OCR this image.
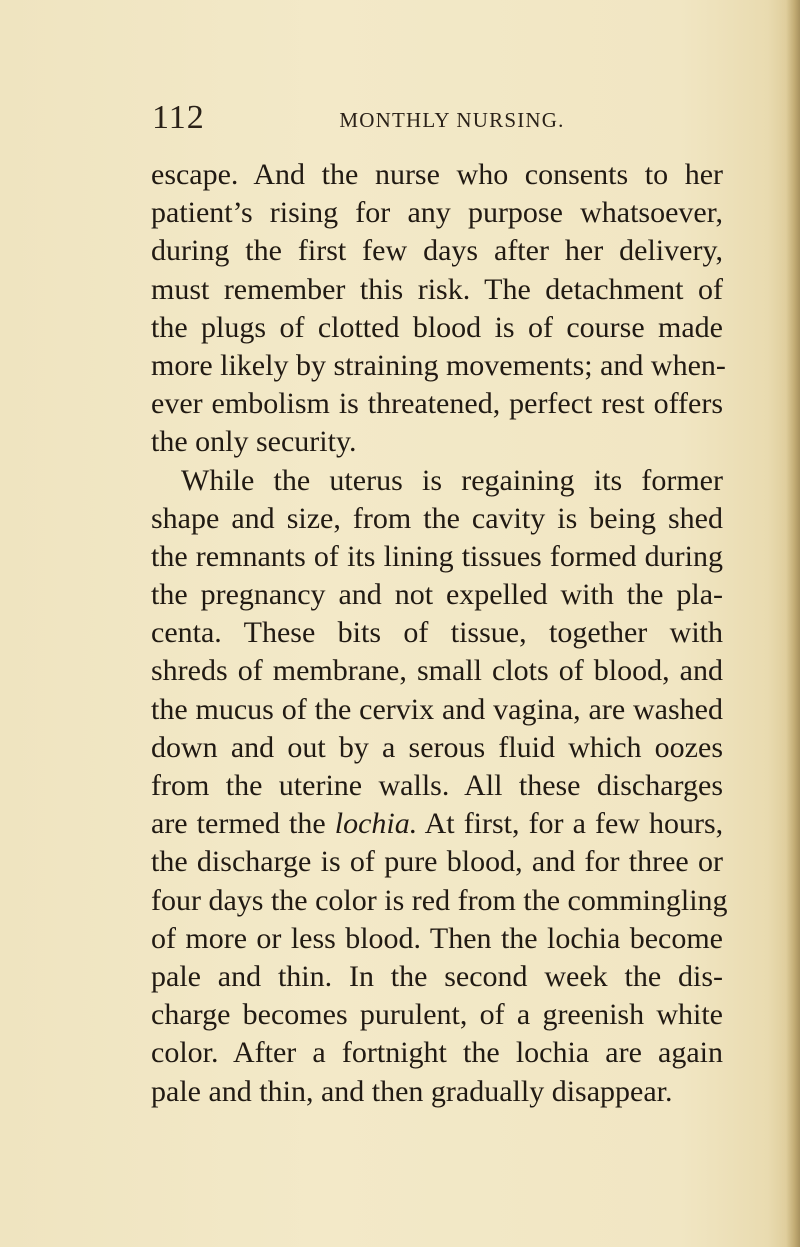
112	MONTHLY NURSING.
escape. And the nurse who consents to her
patient’s rising for any purpose whatsoever,
during the first few days after her delivery,
must remember this risk. The detachment of
the plugs of clotted blood is of course made
more likely by straining movements; and when-
ever embolism is threatened, perfect rest offers
the only security.
While the uterus is regaining its former
shape and size, from the cavity is being shed
the remnants of its lining tissues formed during
the pregnancy and not expelled with the pla-
centa. These bits of tissue, together with
shreds of membrane, small clots of blood, and
the mucus of the cervix and vagina, are washed
down and out by a serous fluid which oozes
from the uterine walls. All these discharges
are termed the lochia. At first, for a few hours,
the discharge is of pure blood, and for three or
four days the color is red from the commingling
of more or less blood. Then the lochia become
pale and thin. In the second week the dis-
charge becomes purulent, of a greenish white
color. After a fortnight the lochia are again
pale and thin, and then gradually disappear.
